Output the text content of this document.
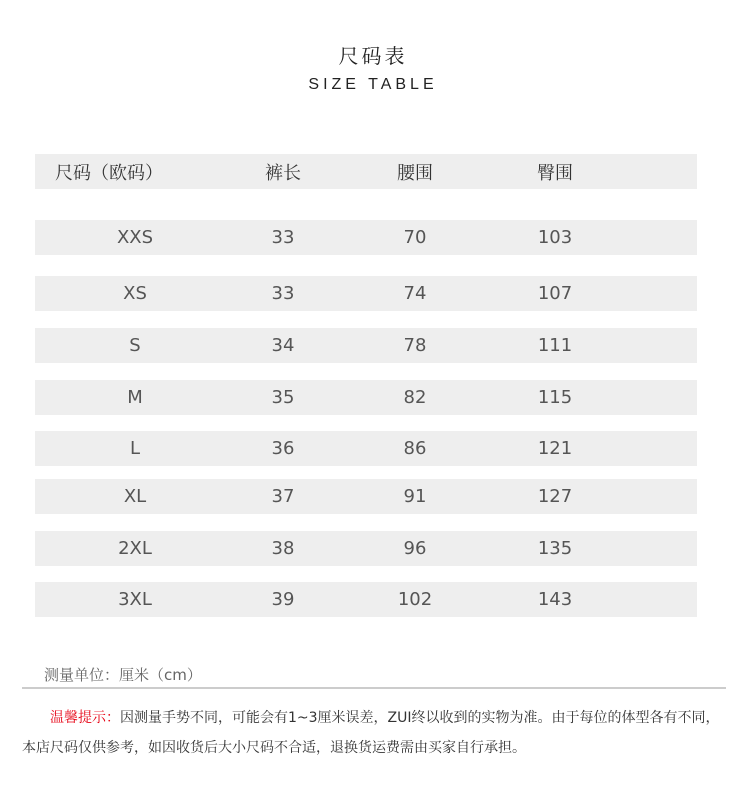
尺码表
SIZE TABLE
尺码（欧码）	裤长	腰围	臀围
XXS	33	70	103
XS	33	74	107
S	34	78	111
M	35	82	115
L	36	86	121
XL	37	91	127
2XL	38	96	135
3XL	39	102	143
测量单位：厘米（cm）
温馨提示：因测量手势不同，可能会有1~3厘米误差，ZUI终以收到的实物为准。由于每位的体型各有不同，本店尺码仅供参考，如因收货后大小尺码不合适，退换货运费需由买家自行承担。
